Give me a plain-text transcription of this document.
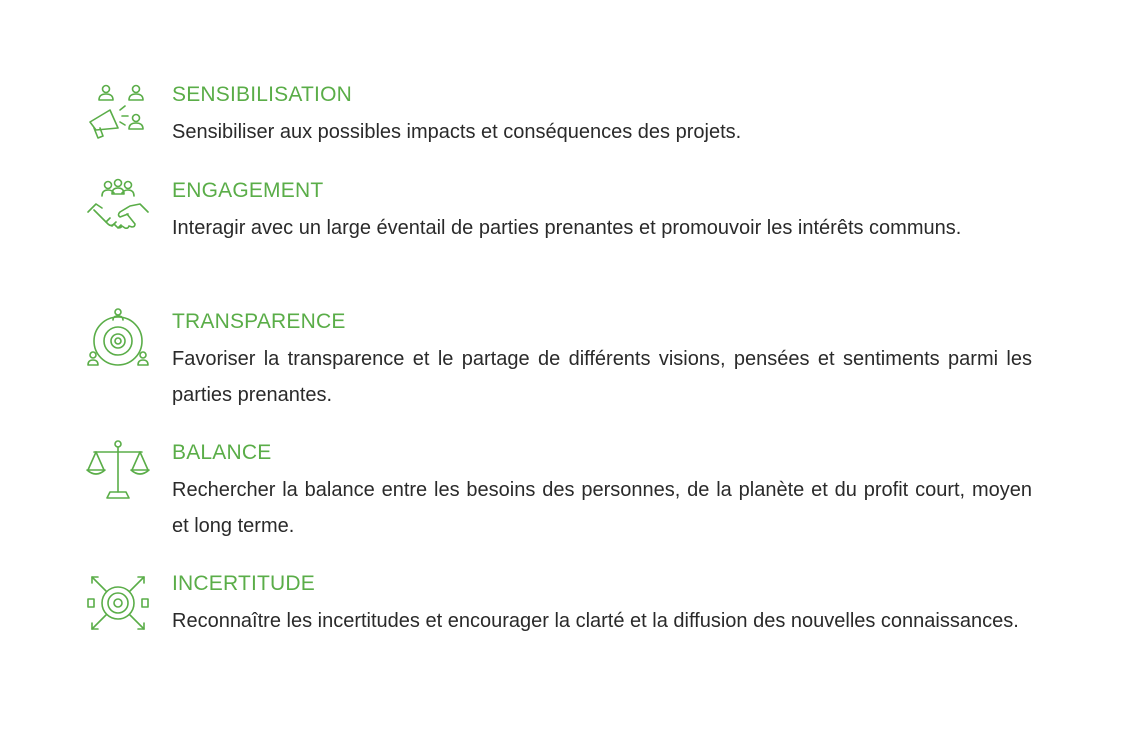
SENSIBILISATION

Sensibiliser aux possibles impacts et conséquences des projets.

ENGAGEMENT

Interagir avec un large éventail de parties prenantes et promouvoir les intérêts communs.

TRANSPARENCE

Favoriser la transparence et le partage de différents visions, pensées et sentiments parmi les parties prenantes.

BALANCE

Rechercher la balance entre les besoins des personnes, de la planète et du profit court, moyen et long terme.

INCERTITUDE

Reconnaître les incertitudes et encourager la clarté et la diffusion des nouvelles connaissances.
